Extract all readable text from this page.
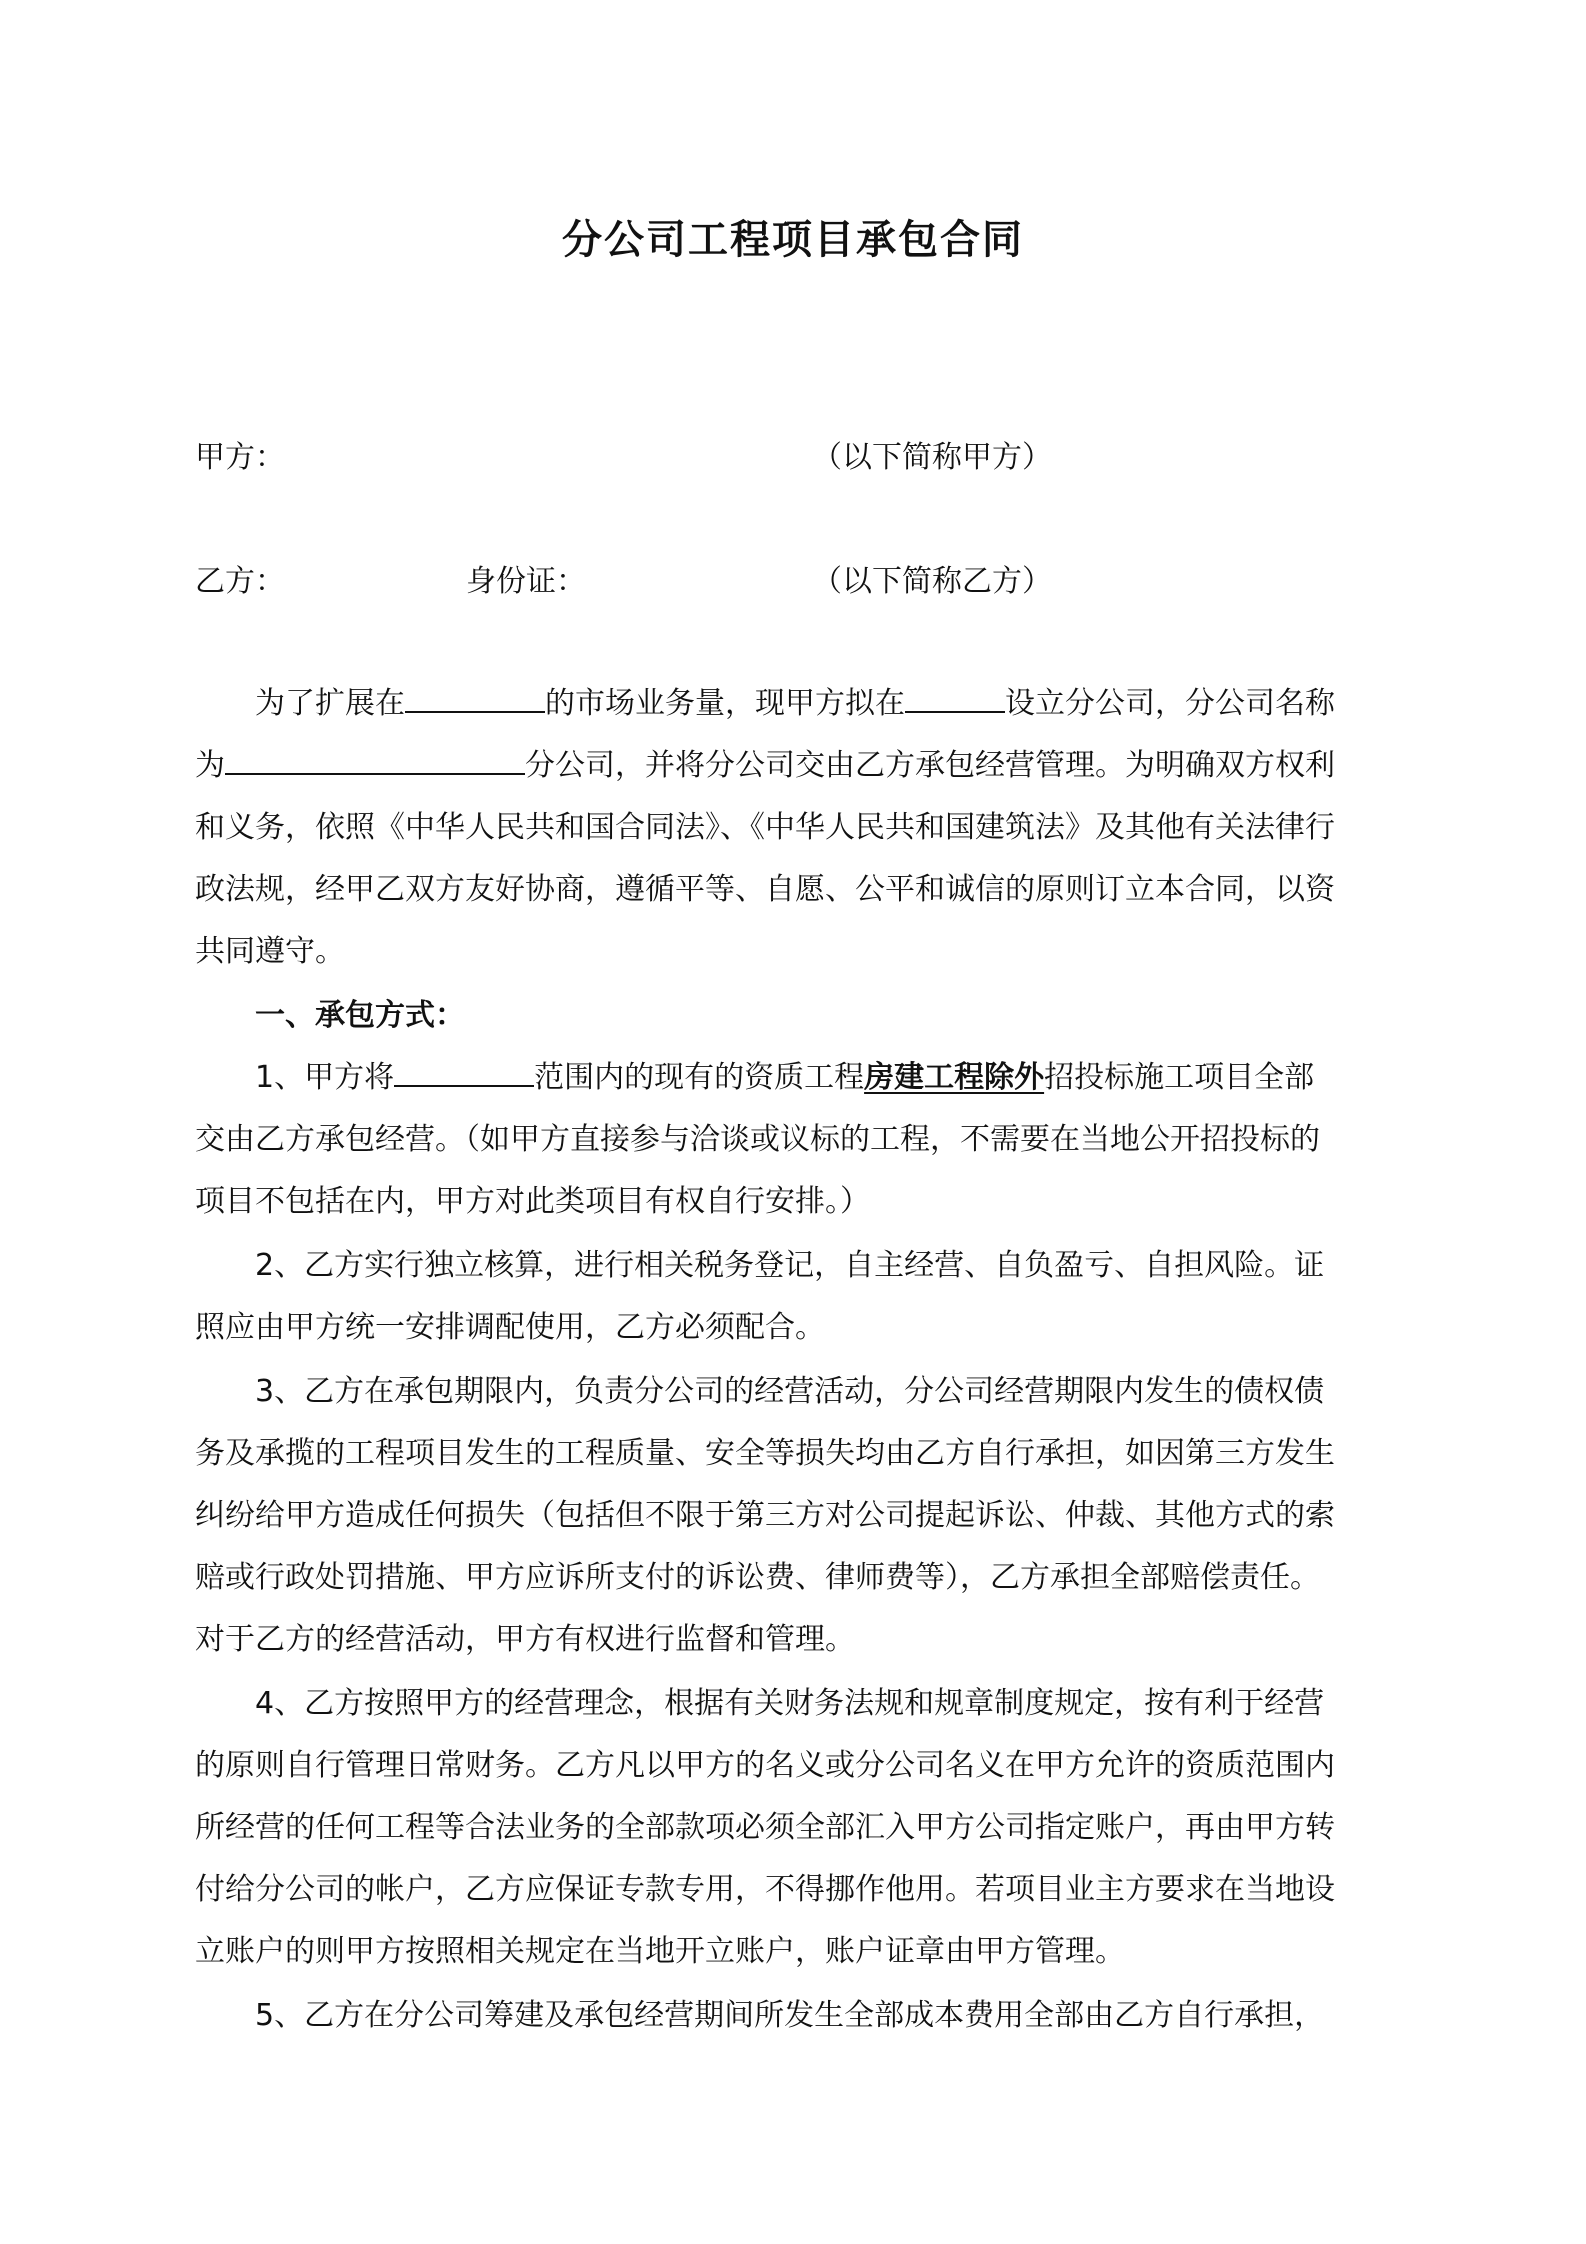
分公司工程项目承包合同
甲方：	（以下简称甲方）
乙方：	身份证：	（以下简称乙方）
为了扩展在	的市场业务量，现甲方拟在	设立分公司，分公司名称
为	分公司，并将分公司交由乙方承包经营管理。为明确双方权利
和义务，依照《中华人民共和国合同法》、《中华人民共和国建筑法》及其他有关法律行
政法规，经甲乙双方友好协商，遵循平等、自愿、公平和诚信的原则订立本合同，以资
共同遵守。
一、承包方式：
1、甲方将	范围内的现有的资质工程房建工程除外招投标施工项目全部
交由乙方承包经营。（如甲方直接参与洽谈或议标的工程，不需要在当地公开招投标的
项目不包括在内，甲方对此类项目有权自行安排。）
2、乙方实行独立核算，进行相关税务登记，自主经营、自负盈亏、自担风险。证
照应由甲方统一安排调配使用，乙方必须配合。
3、乙方在承包期限内，负责分公司的经营活动，分公司经营期限内发生的债权债
务及承揽的工程项目发生的工程质量、安全等损失均由乙方自行承担，如因第三方发生
纠纷给甲方造成任何损失（包括但不限于第三方对公司提起诉讼、仲裁、其他方式的索
赔或行政处罚措施、甲方应诉所支付的诉讼费、律师费等），乙方承担全部赔偿责任。
对于乙方的经营活动，甲方有权进行监督和管理。
4、乙方按照甲方的经营理念，根据有关财务法规和规章制度规定，按有利于经营
的原则自行管理日常财务。乙方凡以甲方的名义或分公司名义在甲方允许的资质范围内
所经营的任何工程等合法业务的全部款项必须全部汇入甲方公司指定账户，再由甲方转
付给分公司的帐户，乙方应保证专款专用，不得挪作他用。若项目业主方要求在当地设
立账户的则甲方按照相关规定在当地开立账户，账户证章由甲方管理。
5、乙方在分公司筹建及承包经营期间所发生全部成本费用全部由乙方自行承担，
